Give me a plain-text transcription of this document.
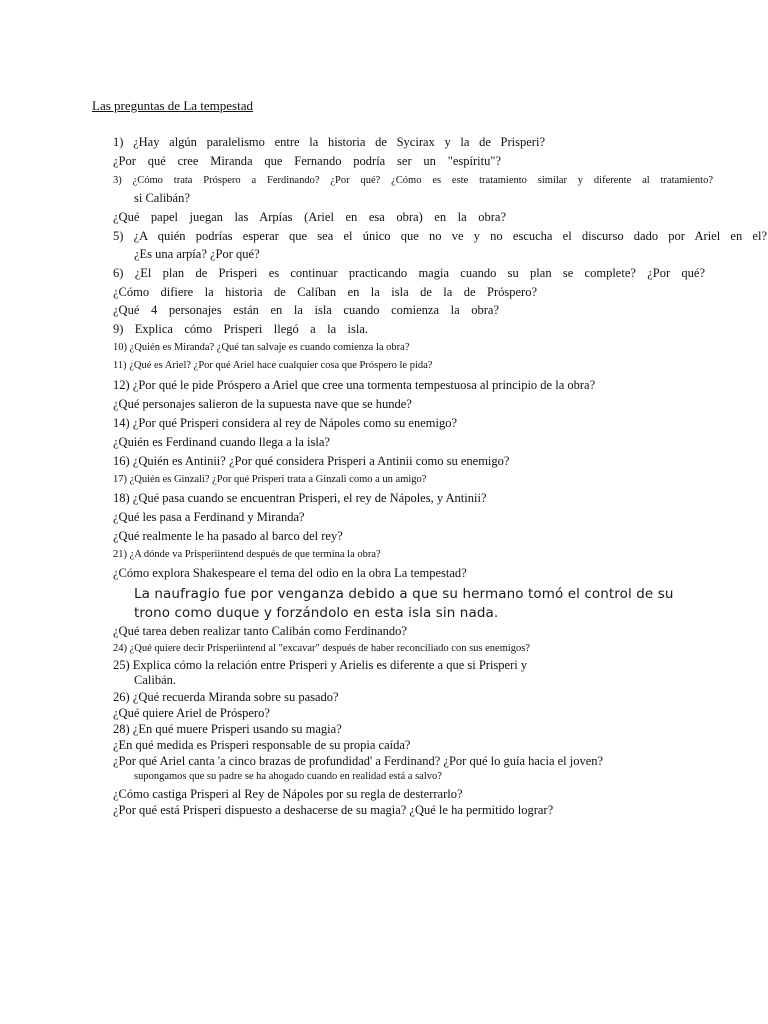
Las preguntas de La tempestad
1) ¿Hay algún paralelismo entre la historia de Sycirax y la de Prisperi?
¿Por qué cree Miranda que Fernando podría ser un "espíritu"?
3) ¿Cómo trata Próspero a Ferdinando? ¿Por qué? ¿Cómo es este tratamiento similar y diferente al tratamiento?
si Calibán?
¿Qué papel juegan las Arpías (Ariel en esa obra) en la obra?
5) ¿A quién podrías esperar que sea el único que no ve y no escucha el discurso dado por Ariel en el?
¿Es una arpía? ¿Por qué?
6) ¿El plan de Prisperi es continuar practicando magia cuando su plan se complete? ¿Por qué?
¿Cómo difiere la historia de Calíban en la isla de la de Próspero?
¿Qué 4 personajes están en la isla cuando comienza la obra?
9) Explica cómo Prisperi llegó a la isla.
10) ¿Quién es Miranda? ¿Qué tan salvaje es cuando comienza la obra?
11) ¿Qué es Ariel? ¿Por qué Ariel hace cualquier cosa que Próspero le pida?
12) ¿Por qué le pide Próspero a Ariel que cree una tormenta tempestuosa al principio de la obra?
¿Qué personajes salieron de la supuesta nave que se hunde?
14) ¿Por qué Prisperi considera al rey de Nápoles como su enemigo?
¿Quién es Ferdinand cuando llega a la isla?
16) ¿Quién es Antinii? ¿Por qué considera Prisperi a Antinii como su enemigo?
17) ¿Quién es Ginzali? ¿Por qué Prisperi trata a Ginzali como a un amigo?
18) ¿Qué pasa cuando se encuentran Prisperi, el rey de Nápoles, y Antinii?
¿Qué les pasa a Ferdinand y Miranda?
¿Qué realmente le ha pasado al barco del rey?
21) ¿A dónde va Prisperiintend después de que termina la obra?
¿Cómo explora Shakespeare el tema del odio en la obra La tempestad?
La naufragio fue por venganza debido a que su hermano tomó el control de su
trono como duque y forzándolo en esta isla sin nada.
¿Qué tarea deben realizar tanto Calibán como Ferdinando?
24) ¿Qué quiere decir Prisperiintend al "excavar" después de haber reconciliado con sus enemigos?
25) Explica cómo la relación entre Prisperi y Arielis es diferente a que si Prisperi y
Calibán.
26) ¿Qué recuerda Miranda sobre su pasado?
¿Qué quiere Ariel de Próspero?
28) ¿En qué muere Prisperi usando su magia?
¿En qué medida es Prisperi responsable de su propia caída?
¿Por qué Ariel canta 'a cinco brazas de profundidad' a Ferdinand? ¿Por qué lo guía hacia el joven?
supongamos que su padre se ha ahogado cuando en realidad está a salvo?
¿Cómo castiga Prisperi al Rey de Nápoles por su regla de desterrarlo?
¿Por qué está Prisperi dispuesto a deshacerse de su magia? ¿Qué le ha permitido lograr?
